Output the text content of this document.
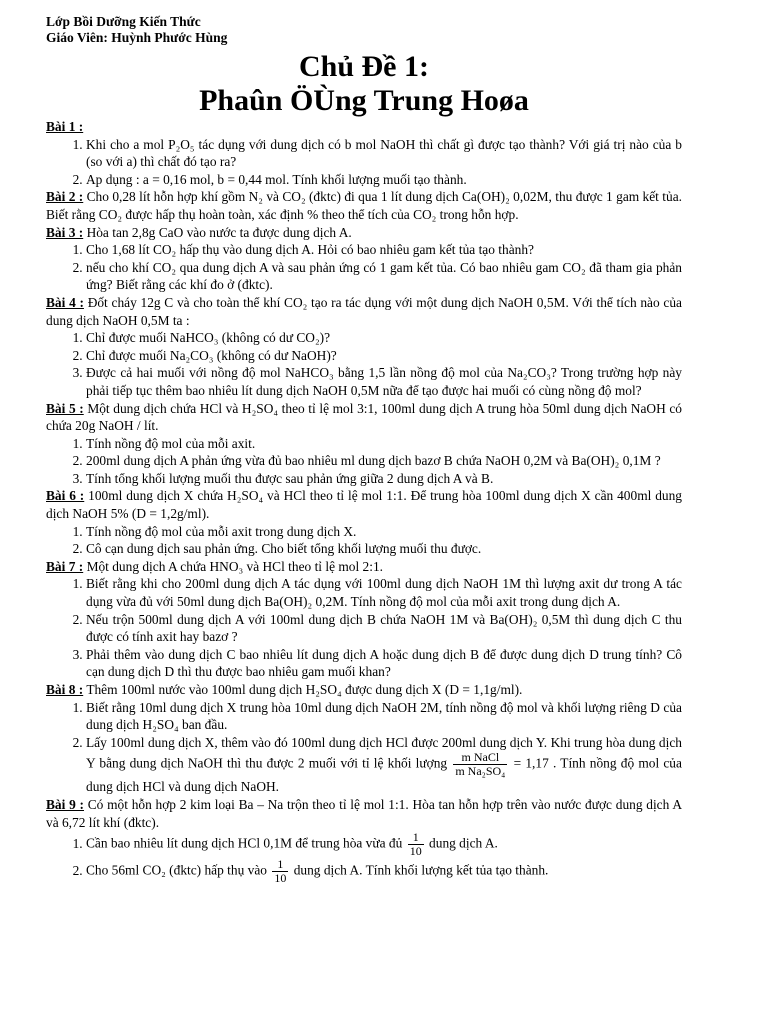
Lớp Bồi Dưỡng Kiến Thức
Giáo Viên: Huỳnh Phước Hùng
Chủ Đề 1:
Phaûn ÖÙng Trung Hoøa
Bài 1 :
1. Khi cho a mol P₂O₅ tác dụng với dung dịch có b mol NaOH thì chất gì được tạo thành? Với giá trị nào của b (so với a) thì chất đó tạo ra?
2. Ap dụng : a = 0,16 mol, b = 0,44 mol. Tính khối lượng muối tạo thành.
Bài 2 : Cho 0,28 lít hỗn hợp khí gồm N₂ và CO₂ (đktc) đi qua 1 lít dung dịch Ca(OH)₂ 0,02M, thu được 1 gam kết tủa. Biết rằng CO₂ được hấp thụ hoàn toàn, xác định % theo thể tích của CO₂ trong hỗn hợp.
Bài 3 : Hòa tan 2,8g CaO vào nước ta được dung dịch A.
1. Cho 1,68 lít CO₂ hấp thụ vào dung dịch A. Hỏi có bao nhiêu gam kết tủa tạo thành?
2. nếu cho khí CO₂ qua dung dịch A và sau phản ứng có 1 gam kết tủa. Có bao nhiêu gam CO₂ đã tham gia phản ứng? Biết rằng các khí đo ở (đktc).
Bài 4 : Đốt cháy 12g C và cho toàn thể khí CO₂ tạo ra tác dụng với một dung dịch NaOH 0,5M. Với thể tích nào của dung dịch NaOH 0,5M ta :
1. Chỉ được muối NaHCO₃ (không có dư CO₂)?
2. Chỉ được muối Na₂CO₃ (không có dư NaOH)?
3. Được cả hai muối với nồng độ mol NaHCO₃ bằng 1,5 lần nồng độ mol của Na₂CO₃? Trong trường hợp này phải tiếp tục thêm bao nhiêu lít dung dịch NaOH 0,5M nữa để tạo được hai muối có cùng nồng độ mol?
Bài 5 : Một dung dịch chứa HCl và H₂SO₄ theo tỉ lệ mol 3:1, 100ml dung dịch A trung hòa 50ml dung dịch NaOH có chứa 20g NaOH / lít.
1. Tính nồng độ mol của mỗi axit.
2. 200ml dung dịch A phản ứng vừa đủ bao nhiêu ml dung dịch bazơ B chứa NaOH 0,2M và Ba(OH)₂ 0,1M ?
3. Tính tổng khối lượng muối thu được sau phản ứng giữa 2 dung dịch A và B.
Bài 6 : 100ml dung dịch X chứa H₂SO₄ và HCl theo tỉ lệ mol 1:1. Để trung hòa 100ml dung dịch X cần 400ml dung dịch NaOH 5% (D = 1,2g/ml).
1. Tính nồng độ mol của mỗi axit trong dung dịch X.
2. Cô cạn dung dịch sau phản ứng. Cho biết tổng khối lượng muối thu được.
Bài 7 : Một dung dịch A chứa HNO₃ và HCl theo tỉ lệ mol 2:1.
1. Biết rằng khi cho 200ml dung dịch A tác dụng với 100ml dung dịch NaOH 1M thì lượng axit dư trong A tác dụng vừa đủ với 50ml dung dịch Ba(OH)₂ 0,2M. Tính nồng độ mol của mỗi axit trong dung dịch A.
2. Nếu trộn 500ml dung dịch A với 100ml dung dịch B chứa NaOH 1M và Ba(OH)₂ 0,5M thì dung dịch C thu được có tính axit hay bazơ ?
3. Phải thêm vào dung dịch C bao nhiêu lít dung dịch A hoặc dung dịch B để được dung dịch D trung tính? Cô cạn dung dịch D thì thu được bao nhiêu gam muối khan?
Bài 8 : Thêm 100ml nước vào 100ml dung dịch H₂SO₄ được dung dịch X (D = 1,1g/ml).
1. Biết rằng 10ml dung dịch X trung hòa 10ml dung dịch NaOH 2M, tính nồng độ mol và khối lượng riêng D của dung dịch H₂SO₄ ban đầu.
2. Lấy 100ml dung dịch X, thêm vào đó 100ml dung dịch HCl được 200ml dung dịch Y. Khi trung hòa dung dịch Y bằng dung dịch NaOH thì thu được 2 muối với tỉ lệ khối lượng $\frac{\text{m NaCl}}{\text{m Na₂SO₄}} = 1,17$ . Tính nồng độ mol của dung dịch HCl và dung dịch NaOH.
Bài 9 : Có một hỗn hợp 2 kim loại Ba – Na trộn theo tỉ lệ mol 1:1. Hòa tan hỗn hợp trên vào nước được dung dịch A và 6,72 lít khí (đktc).
1. Cần bao nhiêu lít dung dịch HCl 0,1M để trung hòa vừa đủ $\frac{1}{10}$ dung dịch A.
2. Cho 56ml CO₂ (đktc) hấp thụ vào $\frac{1}{10}$ dung dịch A. Tính khối lượng kết tủa tạo thành.
